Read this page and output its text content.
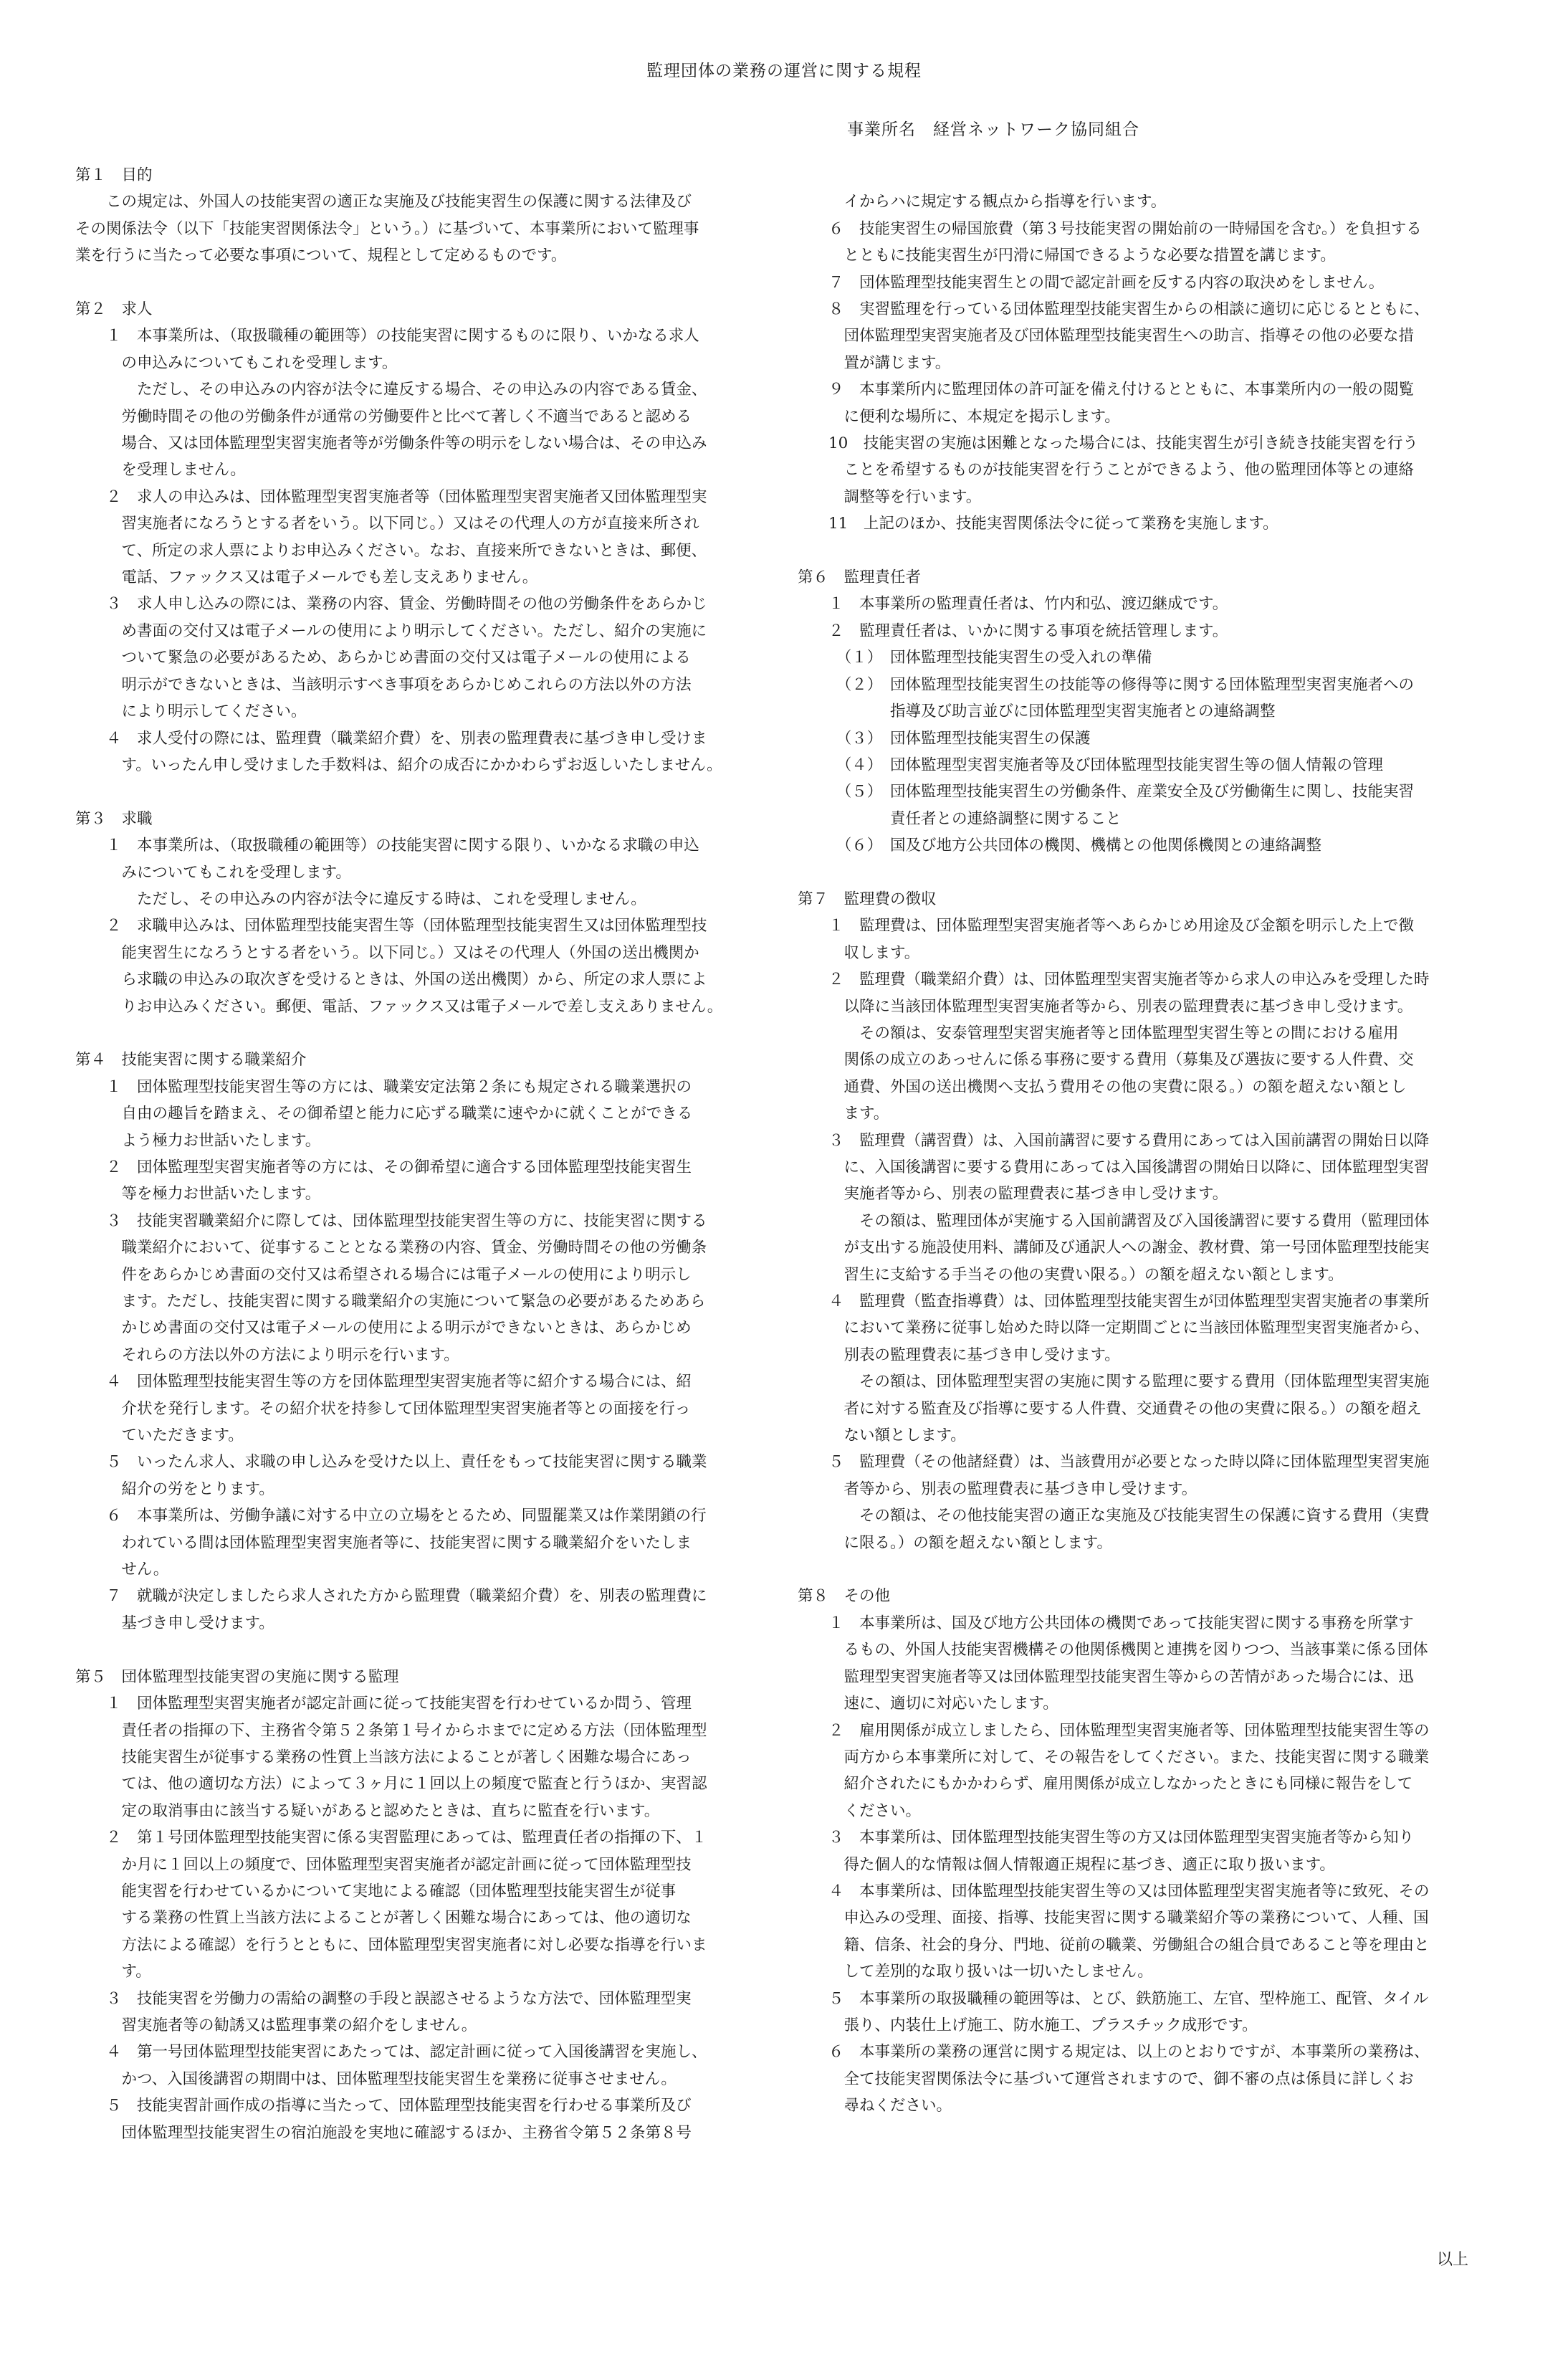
監理団体の業務の運営に関する規程
事業所名　経営ネットワーク協同組合
第１　目的
　　この規定は、外国人の技能実習の適正な実施及び技能実習生の保護に関する法律及び
その関係法令（以下「技能実習関係法令」という。）に基づいて、本事業所において監理事
業を行うに当たって必要な事項について、規程として定めるものです。
第２　求人
　　１　本事業所は、（取扱職種の範囲等）の技能実習に関するものに限り、いかなる求人
　　　の申込みについてもこれを受理します。
　　　　ただし、その申込みの内容が法令に違反する場合、その申込みの内容である賃金、
　　　労働時間その他の労働条件が通常の労働要件と比べて著しく不適当であると認める
　　　場合、又は団体監理型実習実施者等が労働条件等の明示をしない場合は、その申込み
　　　を受理しません。
　　２　求人の申込みは、団体監理型実習実施者等（団体監理型実習実施者又団体監理型実
　　　習実施者になろうとする者をいう。以下同じ。）又はその代理人の方が直接来所され
　　　て、所定の求人票によりお申込みください。なお、直接来所できないときは、郵便、
　　　電話、ファックス又は電子メールでも差し支えありません。
　　３　求人申し込みの際には、業務の内容、賃金、労働時間その他の労働条件をあらかじ
　　　め書面の交付又は電子メールの使用により明示してください。ただし、紹介の実施に
　　　ついて緊急の必要があるため、あらかじめ書面の交付又は電子メールの使用による
　　　明示ができないときは、当該明示すべき事項をあらかじめこれらの方法以外の方法
　　　により明示してください。
　　４　求人受付の際には、監理費（職業紹介費）を、別表の監理費表に基づき申し受けま
　　　す。いったん申し受けました手数料は、紹介の成否にかかわらずお返しいたしません。
第３　求職
　　１　本事業所は、（取扱職種の範囲等）の技能実習に関する限り、いかなる求職の申込
　　　みについてもこれを受理します。
　　　　ただし、その申込みの内容が法令に違反する時は、これを受理しません。
　　２　求職申込みは、団体監理型技能実習生等（団体監理型技能実習生又は団体監理型技
　　　能実習生になろうとする者をいう。以下同じ。）又はその代理人（外国の送出機関か
　　　ら求職の申込みの取次ぎを受けるときは、外国の送出機関）から、所定の求人票によ
　　　りお申込みください。郵便、電話、ファックス又は電子メールで差し支えありません。
第４　技能実習に関する職業紹介
　　１　団体監理型技能実習生等の方には、職業安定法第２条にも規定される職業選択の
　　　自由の趣旨を踏まえ、その御希望と能力に応ずる職業に速やかに就くことができる
　　　よう極力お世話いたします。
　　２　団体監理型実習実施者等の方には、その御希望に適合する団体監理型技能実習生
　　　等を極力お世話いたします。
　　３　技能実習職業紹介に際しては、団体監理型技能実習生等の方に、技能実習に関する
　　　職業紹介において、従事することとなる業務の内容、賃金、労働時間その他の労働条
　　　件をあらかじめ書面の交付又は希望される場合には電子メールの使用により明示し
　　　ます。ただし、技能実習に関する職業紹介の実施について緊急の必要があるためあら
　　　かじめ書面の交付又は電子メールの使用による明示ができないときは、あらかじめ
　　　それらの方法以外の方法により明示を行います。
　　４　団体監理型技能実習生等の方を団体監理型実習実施者等に紹介する場合には、紹
　　　介状を発行します。その紹介状を持参して団体監理型実習実施者等との面接を行っ
　　　ていただきます。
　　５　いったん求人、求職の申し込みを受けた以上、責任をもって技能実習に関する職業
　　　紹介の労をとります。
　　６　本事業所は、労働争議に対する中立の立場をとるため、同盟罷業又は作業閉鎖の行
　　　われている間は団体監理型実習実施者等に、技能実習に関する職業紹介をいたしま
　　　せん。
　　７　就職が決定しましたら求人された方から監理費（職業紹介費）を、別表の監理費に
　　　基づき申し受けます。
第５　団体監理型技能実習の実施に関する監理
　　１　団体監理型実習実施者が認定計画に従って技能実習を行わせているか問う、管理
　　　責任者の指揮の下、主務省令第５２条第１号イからホまでに定める方法（団体監理型
　　　技能実習生が従事する業務の性質上当該方法によることが著しく困難な場合にあっ
　　　ては、他の適切な方法）によって３ヶ月に１回以上の頻度で監査と行うほか、実習認
　　　定の取消事由に該当する疑いがあると認めたときは、直ちに監査を行います。
　　２　第１号団体監理型技能実習に係る実習監理にあっては、監理責任者の指揮の下、１
　　　か月に１回以上の頻度で、団体監理型実習実施者が認定計画に従って団体監理型技
　　　能実習を行わせているかについて実地による確認（団体監理型技能実習生が従事
　　　する業務の性質上当該方法によることが著しく困難な場合にあっては、他の適切な
　　　方法による確認）を行うとともに、団体監理型実習実施者に対し必要な指導を行いま
　　　す。
　　３　技能実習を労働力の需給の調整の手段と誤認させるような方法で、団体監理型実
　　　習実施者等の勧誘又は監理事業の紹介をしません。
　　４　第一号団体監理型技能実習にあたっては、認定計画に従って入国後講習を実施し、
　　　かつ、入国後講習の期間中は、団体監理型技能実習生を業務に従事させません。
　　５　技能実習計画作成の指導に当たって、団体監理型技能実習を行わせる事業所及び
　　　団体監理型技能実習生の宿泊施設を実地に確認するほか、主務省令第５２条第８号
　　　イからハに規定する観点から指導を行います。
　　６　技能実習生の帰国旅費（第３号技能実習の開始前の一時帰国を含む。）を負担する
　　　とともに技能実習生が円滑に帰国できるような必要な措置を講じます。
　　７　団体監理型技能実習生との間で認定計画を反する内容の取決めをしません。
　　８　実習監理を行っている団体監理型技能実習生からの相談に適切に応じるとともに、
　　　団体監理型実習実施者及び団体監理型技能実習生への助言、指導その他の必要な措
　　　置が講じます。
　　９　本事業所内に監理団体の許可証を備え付けるとともに、本事業所内の一般の閲覧
　　　に便利な場所に、本規定を掲示します。
　　10　技能実習の実施は困難となった場合には、技能実習生が引き続き技能実習を行う
　　　ことを希望するものが技能実習を行うことができるよう、他の監理団体等との連絡
　　　調整等を行います。
　　11　上記のほか、技能実習関係法令に従って業務を実施します。
第６　監理責任者
　　１　本事業所の監理責任者は、竹内和弘、渡辺継成です。
　　２　監理責任者は、いかに関する事項を統括管理します。
　　　（１）　団体監理型技能実習生の受入れの準備
　　　（２）　団体監理型技能実習生の技能等の修得等に関する団体監理型実習実施者への
　　　　　　指導及び助言並びに団体監理型実習実施者との連絡調整
　　　（３）　団体監理型技能実習生の保護
　　　（４）　団体監理型実習実施者等及び団体監理型技能実習生等の個人情報の管理
　　　（５）　団体監理型技能実習生の労働条件、産業安全及び労働衛生に関し、技能実習
　　　　　　責任者との連絡調整に関すること
　　　（６）　国及び地方公共団体の機関、機構との他関係機関との連絡調整
第７　監理費の徴収
　　１　監理費は、団体監理型実習実施者等へあらかじめ用途及び金額を明示した上で徴
　　　収します。
　　２　監理費（職業紹介費）は、団体監理型実習実施者等から求人の申込みを受理した時
　　　以降に当該団体監理型実習実施者等から、別表の監理費表に基づき申し受けます。
　　　　その額は、安泰管理型実習実施者等と団体監理型実習生等との間における雇用
　　　関係の成立のあっせんに係る事務に要する費用（募集及び選抜に要する人件費、交
　　　通費、外国の送出機関へ支払う費用その他の実費に限る。）の額を超えない額とし
　　　ます。
　　３　監理費（講習費）は、入国前講習に要する費用にあっては入国前講習の開始日以降
　　　に、入国後講習に要する費用にあっては入国後講習の開始日以降に、団体監理型実習
　　　実施者等から、別表の監理費表に基づき申し受けます。
　　　　その額は、監理団体が実施する入国前講習及び入国後講習に要する費用（監理団体
　　　が支出する施設使用料、講師及び通訳人への謝金、教材費、第一号団体監理型技能実
　　　習生に支給する手当その他の実費い限る。）の額を超えない額とします。
　　４　監理費（監査指導費）は、団体監理型技能実習生が団体監理型実習実施者の事業所
　　　において業務に従事し始めた時以降一定期間ごとに当該団体監理型実習実施者から、
　　　別表の監理費表に基づき申し受けます。
　　　　その額は、団体監理型実習の実施に関する監理に要する費用（団体監理型実習実施
　　　者に対する監査及び指導に要する人件費、交通費その他の実費に限る。）の額を超え
　　　ない額とします。
　　５　監理費（その他諸経費）は、当該費用が必要となった時以降に団体監理型実習実施
　　　者等から、別表の監理費表に基づき申し受けます。
　　　　その額は、その他技能実習の適正な実施及び技能実習生の保護に資する費用（実費
　　　に限る。）の額を超えない額とします。
第８　その他
　　１　本事業所は、国及び地方公共団体の機関であって技能実習に関する事務を所掌す
　　　るもの、外国人技能実習機構その他関係機関と連携を図りつつ、当該事業に係る団体
　　　監理型実習実施者等又は団体監理型技能実習生等からの苦情があった場合には、迅
　　　速に、適切に対応いたします。
　　２　雇用関係が成立しましたら、団体監理型実習実施者等、団体監理型技能実習生等の
　　　両方から本事業所に対して、その報告をしてください。また、技能実習に関する職業
　　　紹介されたにもかかわらず、雇用関係が成立しなかったときにも同様に報告をして
　　　ください。
　　３　本事業所は、団体監理型技能実習生等の方又は団体監理型実習実施者等から知り
　　　得た個人的な情報は個人情報適正規程に基づき、適正に取り扱います。
　　４　本事業所は、団体監理型技能実習生等の又は団体監理型実習実施者等に致死、その
　　　申込みの受理、面接、指導、技能実習に関する職業紹介等の業務について、人種、国
　　　籍、信条、社会的身分、門地、従前の職業、労働組合の組合員であること等を理由と
　　　して差別的な取り扱いは一切いたしません。
　　５　本事業所の取扱職種の範囲等は、とび、鉄筋施工、左官、型枠施工、配管、タイル
　　　張り、内装仕上げ施工、防水施工、プラスチック成形です。
　　６　本事業所の業務の運営に関する規定は、以上のとおりですが、本事業所の業務は、
　　　全て技能実習関係法令に基づいて運営されますので、御不審の点は係員に詳しくお
　　　尋ねください。
以上
